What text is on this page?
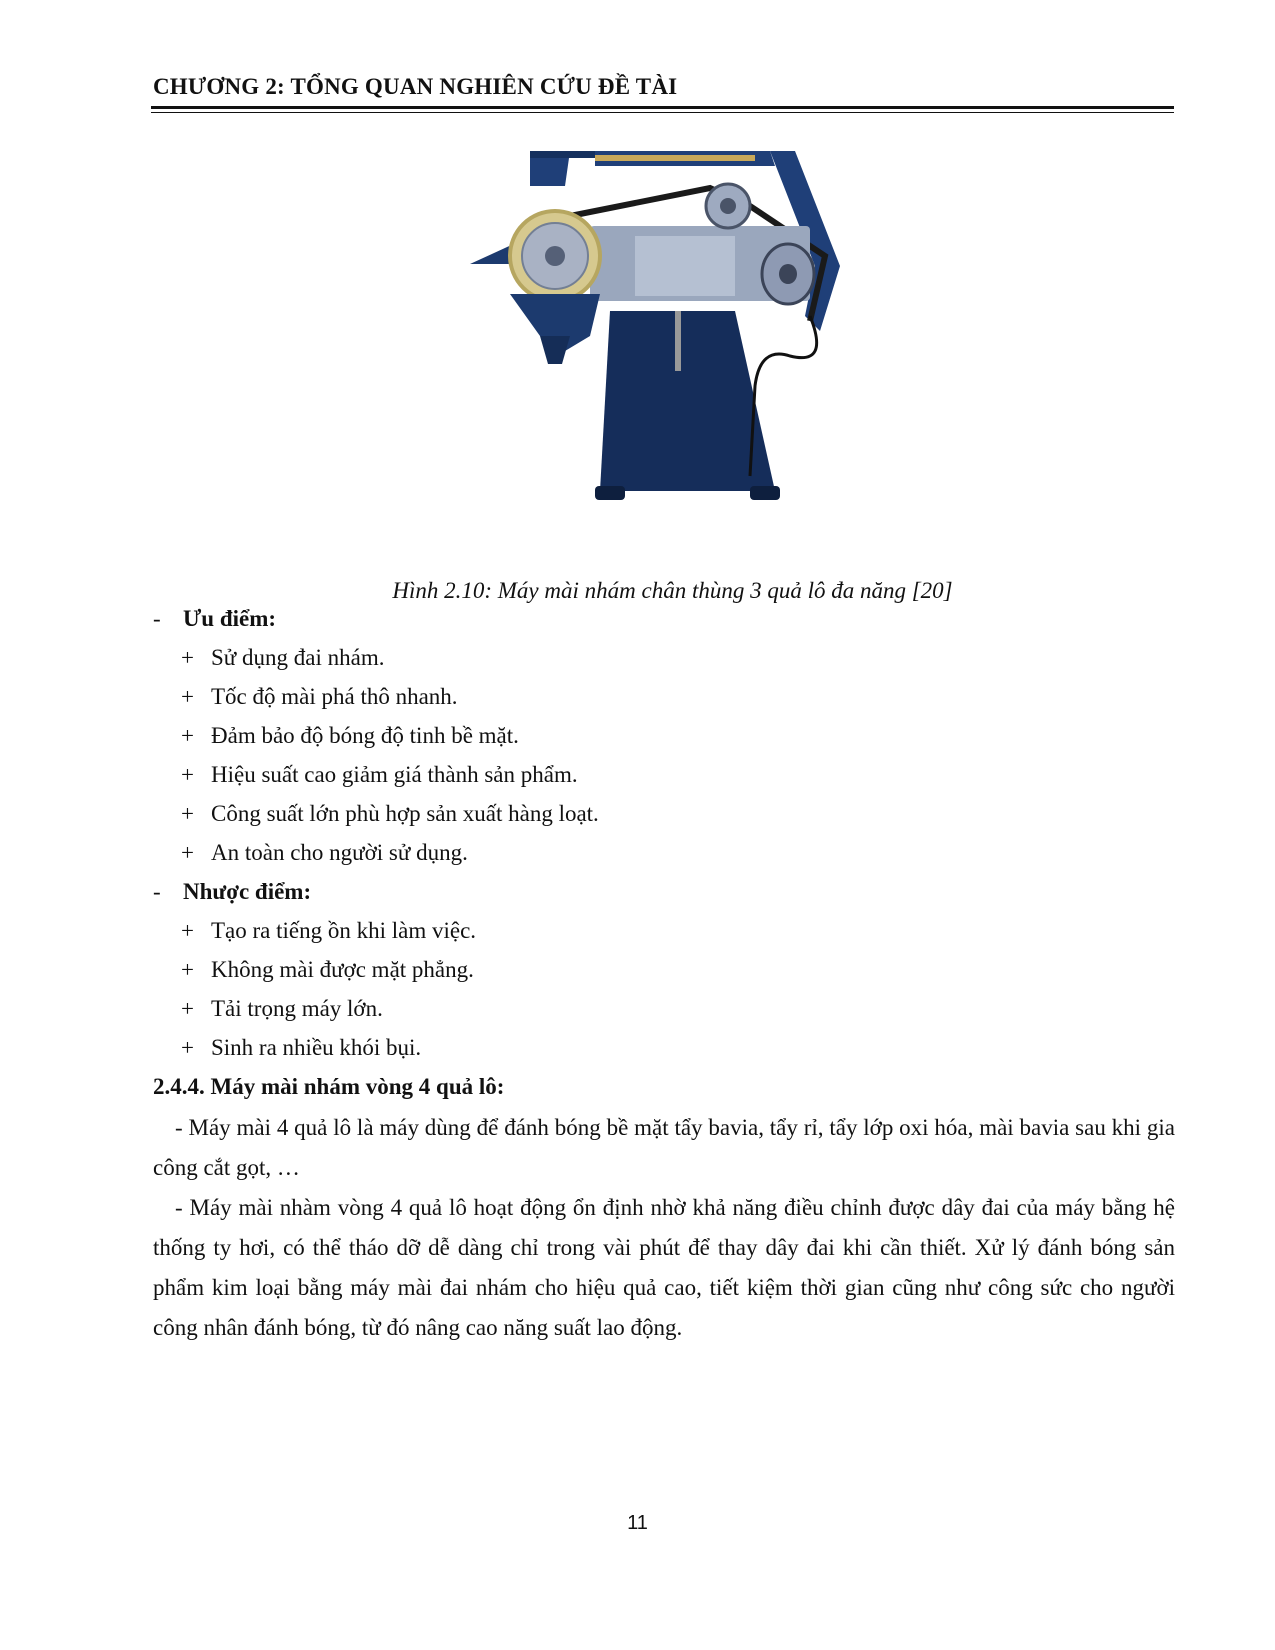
CHƯƠNG 2: TỔNG QUAN NGHIÊN CỨU ĐỀ TÀI
Hình 2.10: Máy mài nhám chân thùng 3 quả lô đa năng [20]
- Ưu điểm:
+ Sử dụng đai nhám.
+ Tốc độ mài phá thô nhanh.
+ Đảm bảo độ bóng độ tinh bề mặt.
+ Hiệu suất cao giảm giá thành sản phẩm.
+ Công suất lớn phù hợp sản xuất hàng loạt.
+ An toàn cho người sử dụng.
- Nhược điểm:
+ Tạo ra tiếng ồn khi làm việc.
+ Không mài được mặt phẳng.
+ Tải trọng máy lớn.
+ Sinh ra nhiều khói bụi.
2.4.4. Máy mài nhám vòng 4 quả lô:
- Máy mài 4 quả lô là máy dùng để đánh bóng bề mặt tẩy bavia, tẩy rỉ, tẩy lớp oxi hóa, mài bavia sau khi gia công cắt gọt, …
- Máy mài nhàm vòng 4 quả lô hoạt động ổn định nhờ khả năng điều chỉnh được dây đai của máy bằng hệ thống ty hơi, có thể tháo dỡ dễ dàng chỉ trong vài phút để thay dây đai khi cần thiết. Xử lý đánh bóng sản phẩm kim loại bằng máy mài đai nhám cho hiệu quả cao, tiết kiệm thời gian cũng như công sức cho người công nhân đánh bóng, từ đó nâng cao năng suất lao động.
11
